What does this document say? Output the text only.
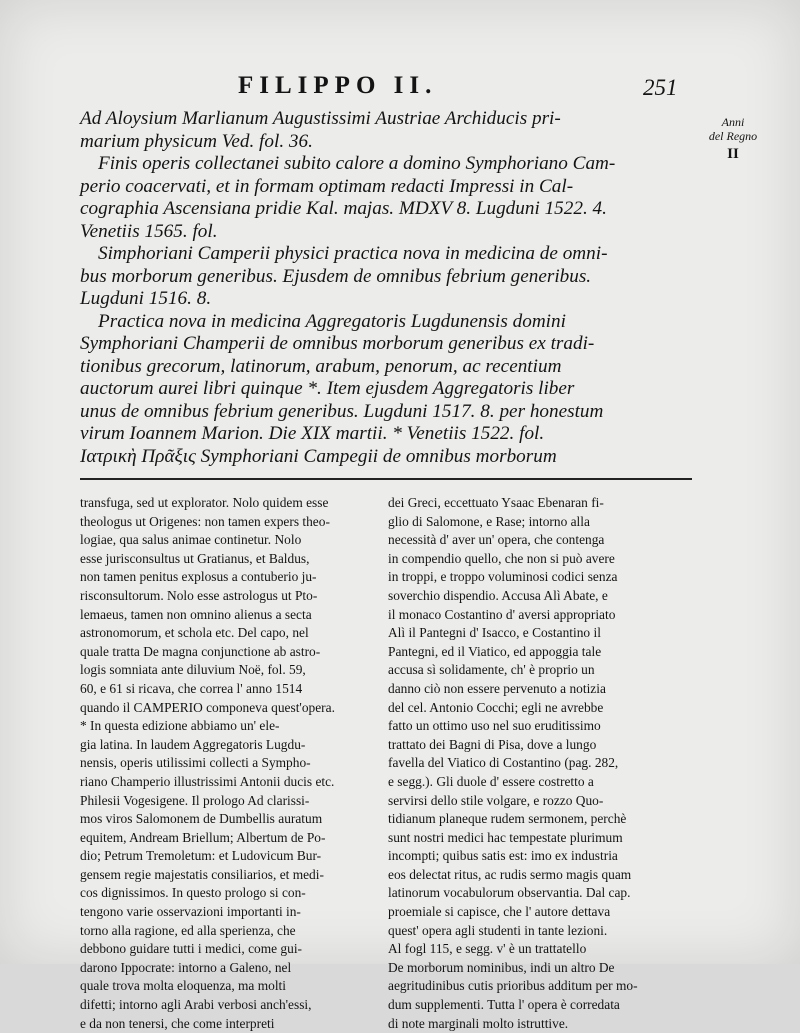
FILIPPO II.	251
Anni
del Regno
II
Ad Aloysium Marlianum Augustissimi Austriae Archiducis pri-
marium physicum Ved. fol. 36.
Finis operis collectanei subito calore a domino Symphoriano Cam-
perio coacervati, et in formam optimam redacti Impressi in Cal-
cographia Ascensiana pridie Kal. majas. MDXV 8. Lugduni 1522. 4.
Venetiis 1565. fol.
Simphoriani Camperii physici practica nova in medicina de omni-
bus morborum generibus. Ejusdem de omnibus febrium generibus.
Lugduni 1516. 8.
Practica nova in medicina Aggregatoris Lugdunensis domini
Symphoriani Champerii de omnibus morborum generibus ex tradi-
tionibus grecorum, latinorum, arabum, penorum, ac recentium
auctorum aurei libri quinque *. Item ejusdem Aggregatoris liber
unus de omnibus febrium generibus. Lugduni 1517. 8. per honestum
virum Ioannem Marion. Die XIX martii. * Venetiis 1522. fol.
Ιατρικὴ Πρᾶξις Symphoriani Campegii de omnibus morborum
transfuga, sed ut explorator. Nolo quidem esse
theologus ut Origenes: non tamen expers theo-
logiae, qua salus animae continetur. Nolo
esse jurisconsultus ut Gratianus, et Baldus,
non tamen penitus explosus a contuberio ju-
risconsultorum. Nolo esse astrologus ut Pto-
lemaeus, tamen non omnino alienus a secta
astronomorum, et schola etc. Del capo, nel
quale tratta De magna conjunctione ab astro-
logis somniata ante diluvium Noë, fol. 59,
60, e 61 si ricava, che correa l' anno 1514
quando il CAMPERIO componeva quest'opera.
* In questa edizione abbiamo un' ele-
gia latina. In laudem Aggregatoris Lugdu-
nensis, operis utilissimi collecti a Sympho-
riano Champerio illustrissimi Antonii ducis etc.
Philesii Vogesigene. Il prologo Ad clarissi-
mos viros Salomonem de Dumbellis auratum
equitem, Andream Briellum; Albertum de Po-
dio; Petrum Tremoletum: et Ludovicum Bur-
gensem regie majestatis consiliarios, et medi-
cos dignissimos. In questo prologo si con-
tengono varie osservazioni importanti in-
torno alla ragione, ed alla sperienza, che
debbono guidare tutti i medici, come gui-
darono Ippocrate: intorno a Galeno, nel
quale trova molta eloquenza, ma molti
difetti; intorno agli Arabi verbosi anch'essi,
e da non tenersi, che come interpreti
dei Greci, eccettuato Ysaac Ebenaran fi-
glio di Salomone, e Rase; intorno alla
necessità d' aver un' opera, che contenga
in compendio quello, che non si può avere
in troppi, e troppo voluminosi codici senza
soverchio dispendio. Accusa Alì Abate, e
il monaco Costantino d' aversi appropriato
Alì il Pantegni d' Isacco, e Costantino il
Pantegni, ed il Viatico, ed appoggia tale
accusa sì solidamente, ch' è proprio un
danno ciò non essere pervenuto a notizia
del cel. Antonio Cocchi; egli ne avrebbe
fatto un ottimo uso nel suo eruditissimo
trattato dei Bagni di Pisa, dove a lungo
favella del Viatico di Costantino (pag. 282,
e segg.). Gli duole d' essere costretto a
servirsi dello stile volgare, e rozzo Quo-
tidianum planeque rudem sermonem, perchè
sunt nostri medici hac tempestate plurimum
incompti; quibus satis est: imo ex industria
eos delectat ritus, ac rudis sermo magis quam
latinorum vocabulorum observantia. Dal cap.
proemiale si capisce, che l' autore dettava
quest' opera agli studenti in tante lezioni.
Al fogl 115, e segg. v' è un trattatello
De morborum nominibus, indi un altro De
aegritudinibus cutis prioribus additum per mo-
dum supplementi. Tutta l' opera è corredata
di note marginali molto istruttive.
